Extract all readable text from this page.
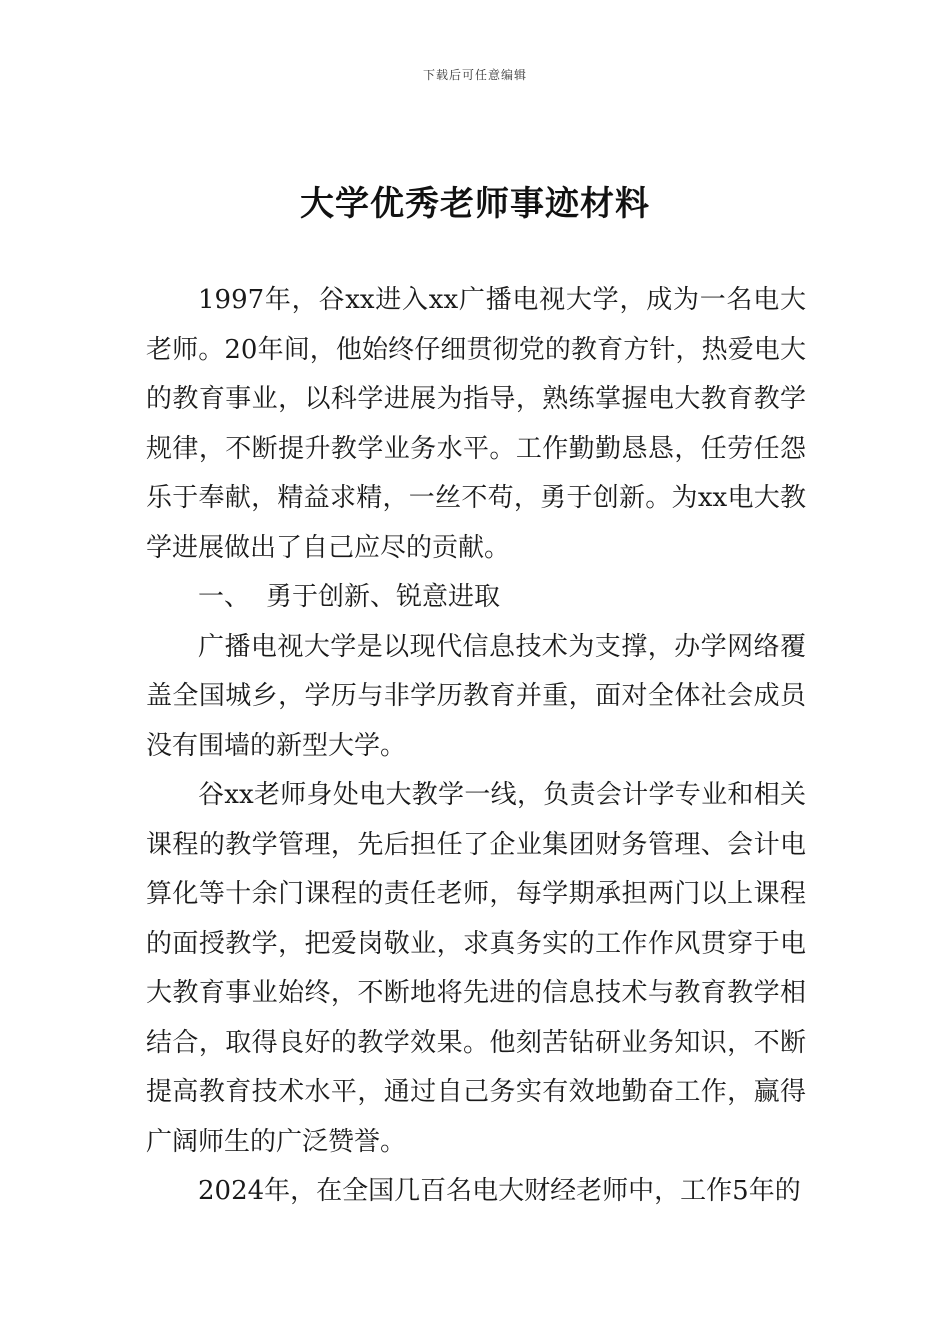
下载后可任意编辑
大学优秀老师事迹材料

1997年，谷xx进入xx广播电视大学，成为一名电大老师。20年间，他始终仔细贯彻党的教育方针，热爱电大的教育事业，以科学进展为指导，熟练掌握电大教育教学规律，不断提升教学业务水平。工作勤勤恳恳，任劳任怨乐于奉献，精益求精，一丝不苟，勇于创新。为xx电大教学进展做出了自己应尽的贡献。

一、 勇于创新、锐意进取

广播电视大学是以现代信息技术为支撑，办学网络覆盖全国城乡，学历与非学历教育并重，面对全体社会成员没有围墙的新型大学。

谷xx老师身处电大教学一线，负责会计学专业和相关课程的教学管理，先后担任了企业集团财务管理、会计电算化等十余门课程的责任老师，每学期承担两门以上课程的面授教学，把爱岗敬业，求真务实的工作作风贯穿于电大教育事业始终，不断地将先进的信息技术与教育教学相结合，取得良好的教学效果。他刻苦钻研业务知识，不断提高教育技术水平，通过自己务实有效地勤奋工作，赢得广阔师生的广泛赞誉。

2024年，在全国几百名电大财经老师中，工作5年的
